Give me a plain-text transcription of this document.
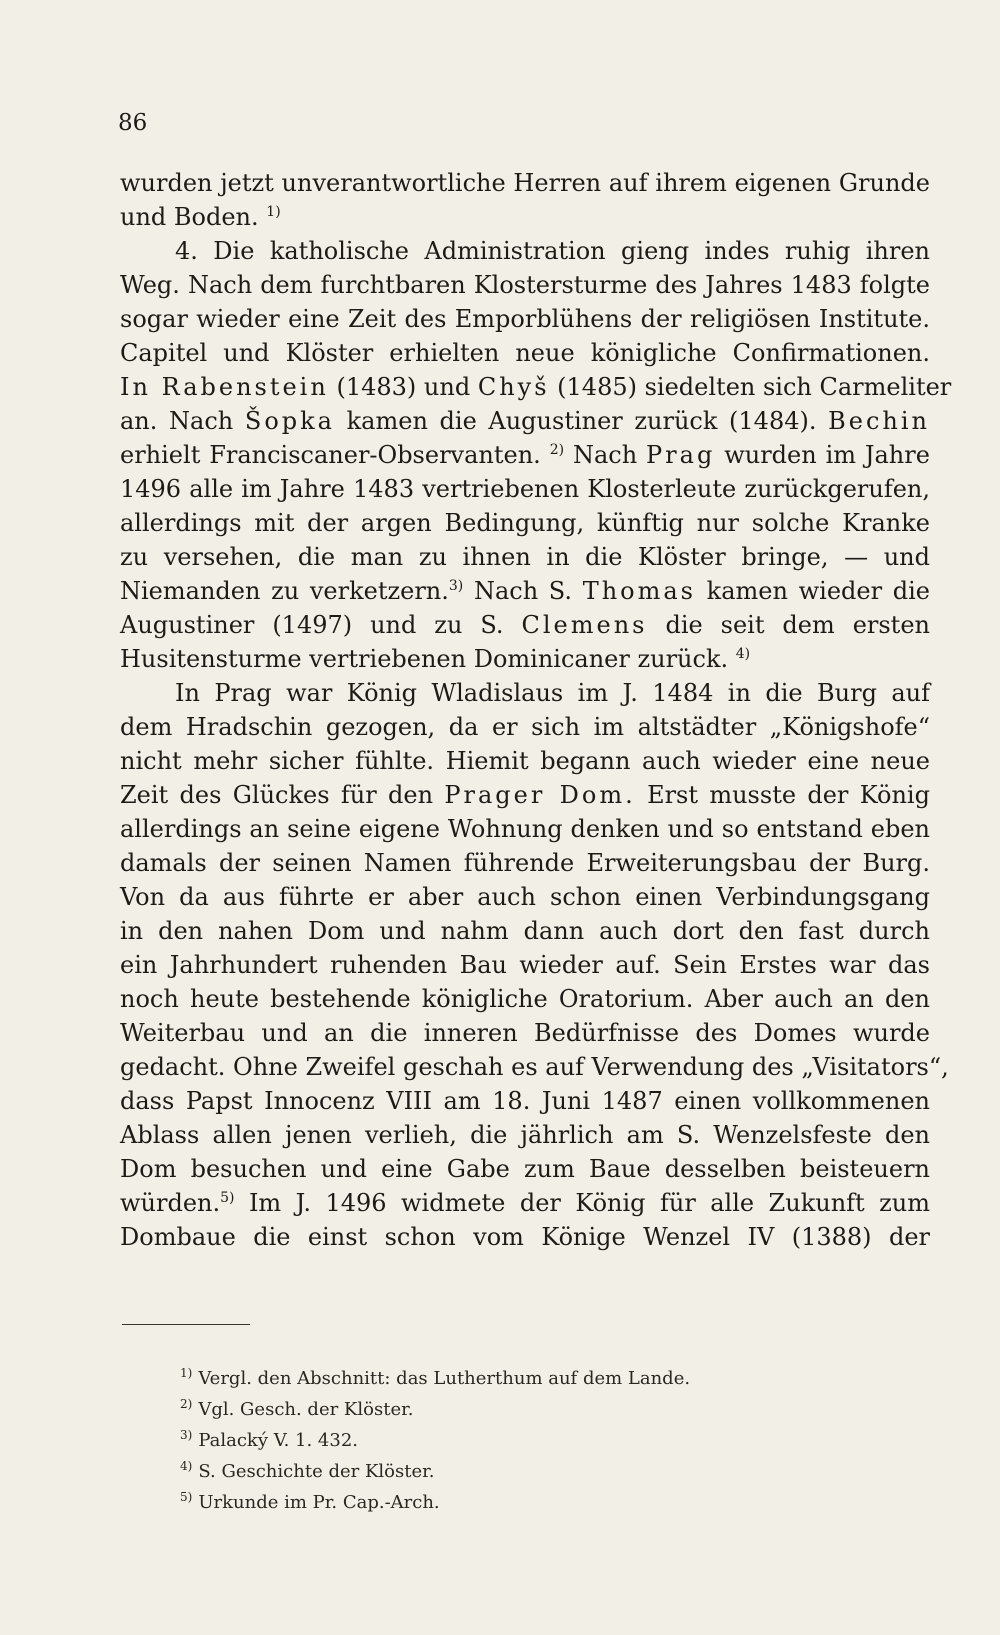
86
wurden jetzt unverantwortliche Herren auf ihrem eigenen Grunde
und Boden. $^{1)}$
4. Die katholische Administration gieng indes ruhig ihren
Weg. Nach dem furchtbaren Klostersturme des Jahres 1483 folgte
sogar wieder eine Zeit des Emporblühens der religiösen Institute.
Capitel und Klöster erhielten neue königliche Confirmationen.
In Rabenstein (1483) und Chyš (1485) siedelten sich Carmeliter
an. Nach Šopka kamen die Augustiner zurück (1484). Bechin
erhielt Franciscaner-Observanten. $^{2)}$ Nach Prag wurden im Jahre
1496 alle im Jahre 1483 vertriebenen Klosterleute zurückgerufen,
allerdings mit der argen Bedingung, künftig nur solche Kranke
zu versehen, die man zu ihnen in die Klöster bringe, — und
Niemanden zu verketzern.$^{3)}$ Nach S. Thomas kamen wieder die
Augustiner (1497) und zu S. Clemens die seit dem ersten
Husitensturme vertriebenen Dominicaner zurück. $^{4)}$
In Prag war König Wladislaus im J. 1484 in die Burg auf
dem Hradschin gezogen, da er sich im altstädter „Königshofe“
nicht mehr sicher fühlte. Hiemit begann auch wieder eine neue
Zeit des Glückes für den Prager Dom. Erst musste der König
allerdings an seine eigene Wohnung denken und so entstand eben
damals der seinen Namen führende Erweiterungsbau der Burg.
Von da aus führte er aber auch schon einen Verbindungsgang
in den nahen Dom und nahm dann auch dort den fast durch
ein Jahrhundert ruhenden Bau wieder auf. Sein Erstes war das
noch heute bestehende königliche Oratorium. Aber auch an den
Weiterbau und an die inneren Bedürfnisse des Domes wurde
gedacht. Ohne Zweifel geschah es auf Verwendung des „Visitators“,
dass Papst Innocenz VIII am 18. Juni 1487 einen vollkommenen
Ablass allen jenen verlieh, die jährlich am S. Wenzelsfeste den
Dom besuchen und eine Gabe zum Baue desselben beisteuern
würden.$^{5)}$ Im J. 1496 widmete der König für alle Zukunft zum
Dombaue die einst schon vom Könige Wenzel IV (1388) der
$^{1)}$ Vergl. den Abschnitt: das Lutherthum auf dem Lande.
$^{2)}$ Vgl. Gesch. der Klöster.
$^{3)}$ Palacký V. 1. 432.
$^{4)}$ S. Geschichte der Klöster.
$^{5)}$ Urkunde im Pr. Cap.-Arch.
